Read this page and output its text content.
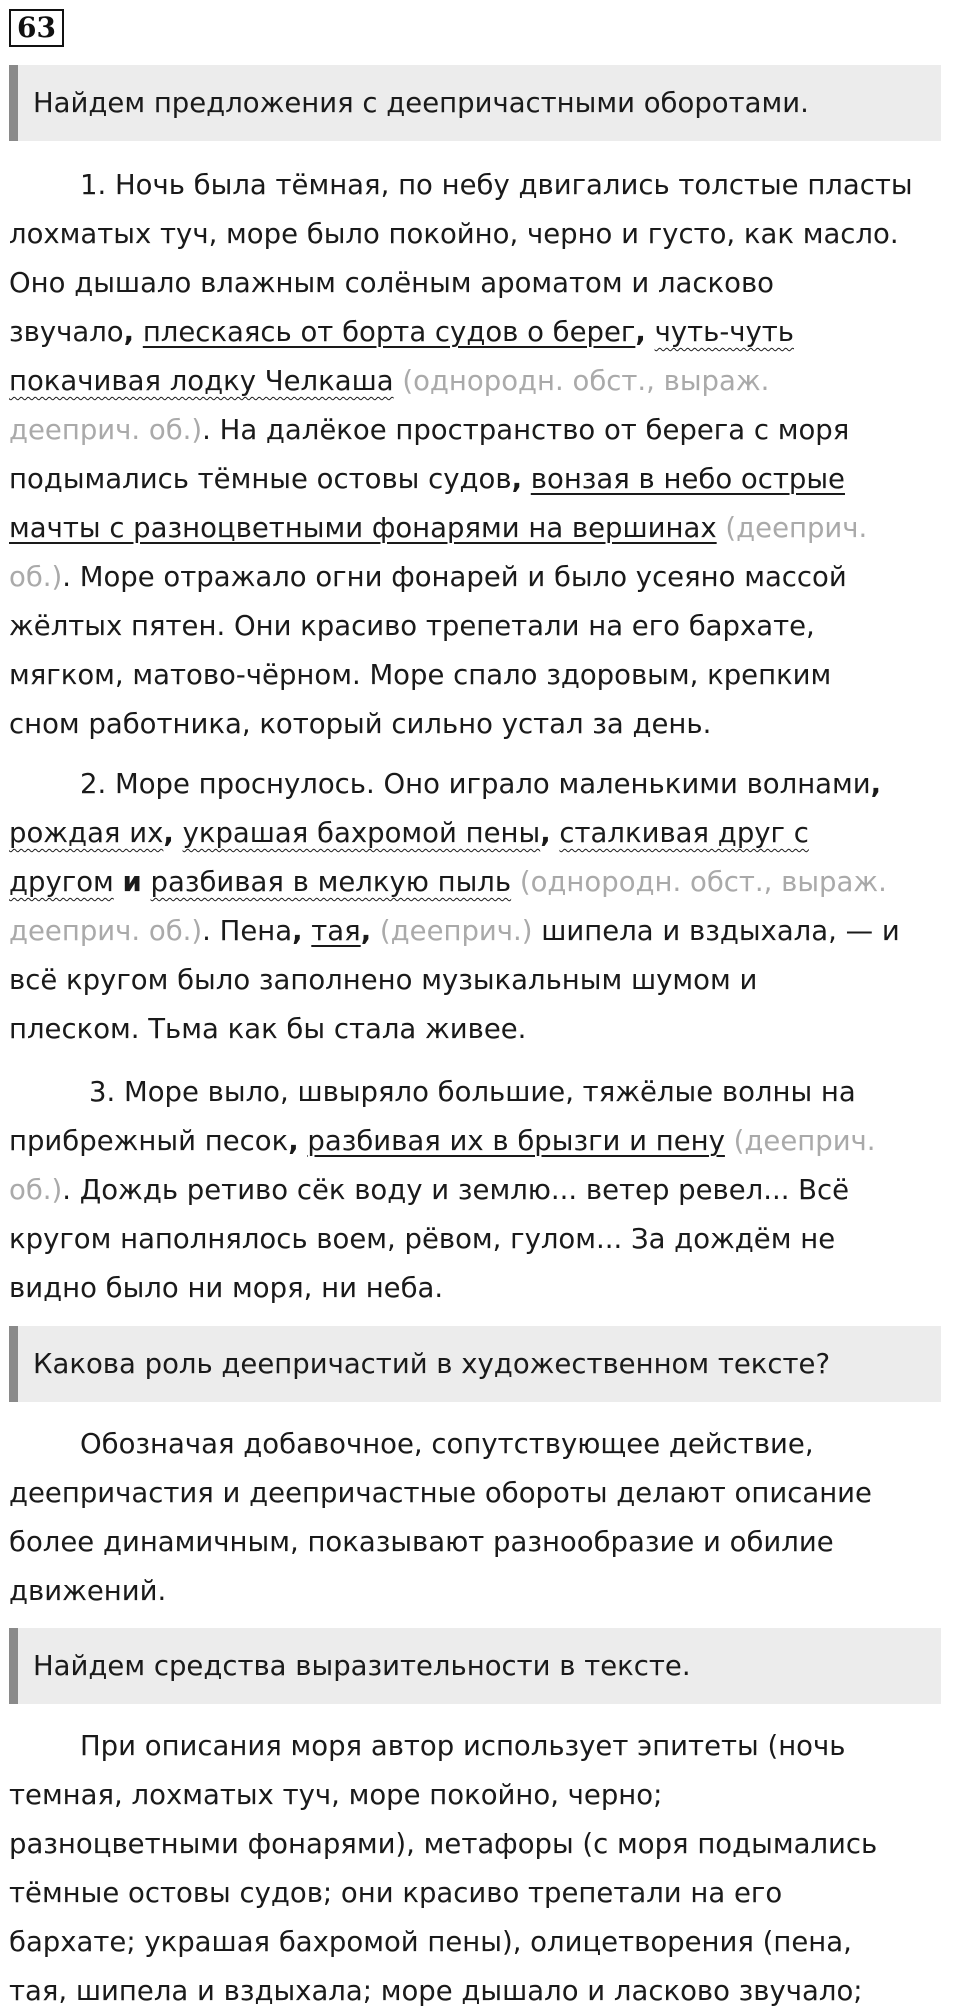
63
Найдем предложения с деепричастными оборотами.
1. Ночь была тёмная, по небу двигались толстые пласты
лохматых туч, море было покойно, черно и густо, как масло.
Оно дышало влажным солёным ароматом и ласково
звучало, плескаясь от борта судов о берег, чуть-чуть
покачивая лодку Челкаша (однородн. обст., выраж.
дееприч. об.). На далёкое пространство от берега с моря
подымались тёмные остовы судов, вонзая в небо острые
мачты с разноцветными фонарями на вершинах (дееприч.
об.). Море отражало огни фонарей и было усеяно массой
жёлтых пятен. Они красиво трепетали на его бархате,
мягком, матово-чёрном. Море спало здоровым, крепким
сном работника, который сильно устал за день.
2. Море проснулось. Оно играло маленькими волнами,
рождая их, украшая бахромой пены, сталкивая друг с
другом и разбивая в мелкую пыль (однородн. обст., выраж.
дееприч. об.). Пена, тая, (дееприч.) шипела и вздыхала, — и
всё кругом было заполнено музыкальным шумом и
плеском. Тьма как бы стала живее.
3. Море выло, швыряло большие, тяжёлые волны на
прибрежный песок, разбивая их в брызги и пену (дееприч.
об.). Дождь ретиво сёк воду и землю... ветер ревел... Всё
кругом наполнялось воем, рёвом, гулом... За дождём не
видно было ни моря, ни неба.
Какова роль деепричастий в художественном тексте?
Обозначая добавочное, сопутствующее действие,
деепричастия и деепричастные обороты делают описание
более динамичным, показывают разнообразие и обилие
движений.
Найдем средства выразительности в тексте.
При описания моря автор использует эпитеты (ночь
темная, лохматых туч, море покойно, черно;
разноцветными фонарями), метафоры (с моря подымались
тёмные остовы судов; они красиво трепетали на его
бархате; украшая бахромой пены), олицетворения (пена,
тая, шипела и вздыхала; море дышало и ласково звучало;
